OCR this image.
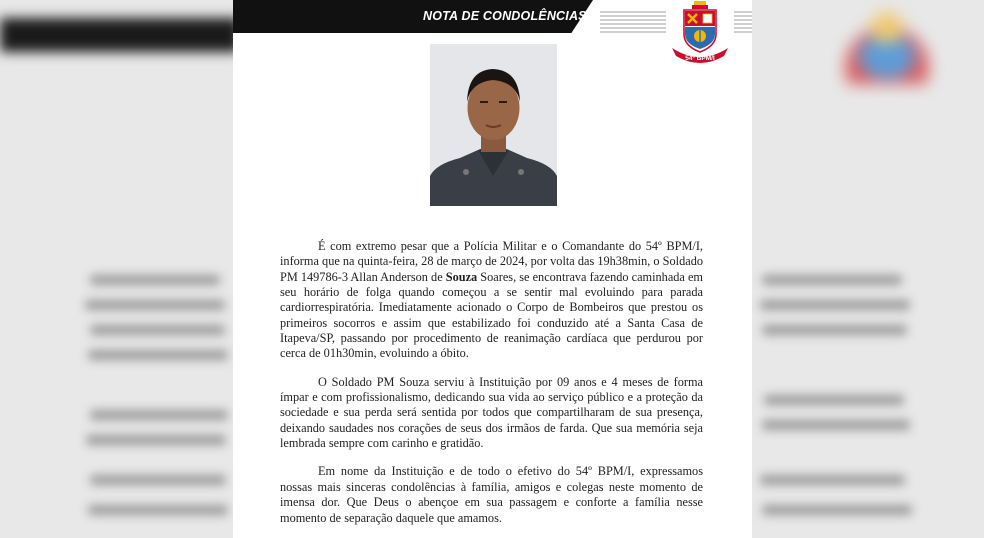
NOTA DE CONDOLÊNCIAS
54º BPM/I

É com extremo pesar que a Polícia Militar e o Comandante do 54º BPM/I, informa que na quinta-feira, 28 de março de 2024, por volta das 19h38min, o Soldado PM 149786-3 Allan Anderson de Souza Soares, se encontrava fazendo caminhada em seu horário de folga quando começou a se sentir mal evoluindo para parada cardiorrespiratória. Imediatamente acionado o Corpo de Bombeiros que prestou os primeiros socorros e assim que estabilizado foi conduzido até a Santa Casa de Itapeva/SP, passando por procedimento de reanimação cardíaca que perdurou por cerca de 01h30min, evoluindo a óbito.

O Soldado PM Souza serviu à Instituição por 09 anos e 4 meses de forma ímpar e com profissionalismo, dedicando sua vida ao serviço público e a proteção da sociedade e sua perda será sentida por todos que compartilharam de sua presença, deixando saudades nos corações de seus dos irmãos de farda. Que sua memória seja lembrada sempre com carinho e gratidão.

Em nome da Instituição e de todo o efetivo do 54º BPM/I, expressamos nossas mais sinceras condolências à família, amigos e colegas neste momento de imensa dor. Que Deus o abençoe em sua passagem e conforte a família nesse momento de separação daquele que amamos.
